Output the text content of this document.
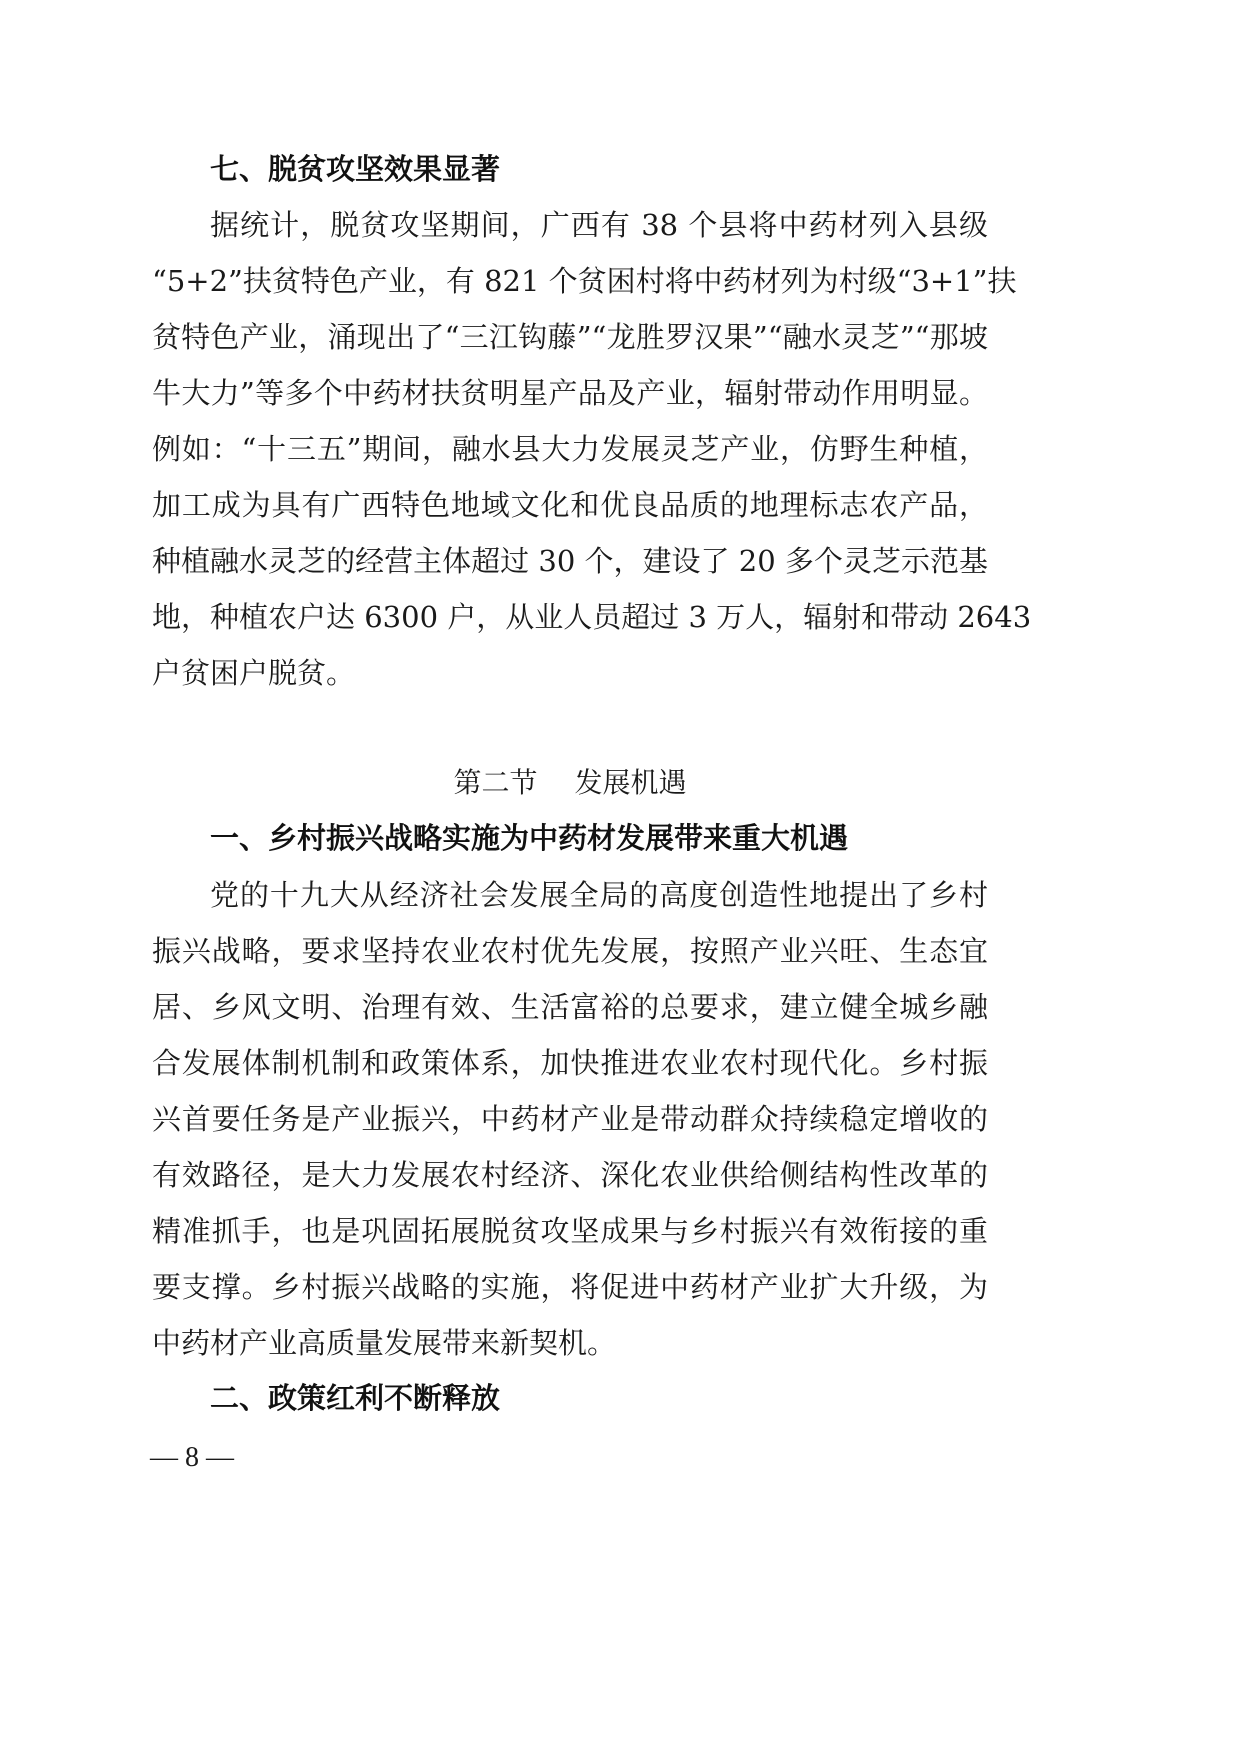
七、脱贫攻坚效果显著
据统计，脱贫攻坚期间，广西有 38 个县将中药材列入县级
“5+2”扶贫特色产业，有 821 个贫困村将中药材列为村级“3+1”扶
贫特色产业，涌现出了“三江钩藤”“龙胜罗汉果”“融水灵芝”“那坡
牛大力”等多个中药材扶贫明星产品及产业，辐射带动作用明显。
例如：“十三五”期间，融水县大力发展灵芝产业，仿野生种植，
加工成为具有广西特色地域文化和优良品质的地理标志农产品，
种植融水灵芝的经营主体超过 30 个，建设了 20 多个灵芝示范基
地，种植农户达 6300 户，从业人员超过 3 万人，辐射和带动 2643
户贫困户脱贫。
第二节　 发展机遇
一、乡村振兴战略实施为中药材发展带来重大机遇
党的十九大从经济社会发展全局的高度创造性地提出了乡村
振兴战略，要求坚持农业农村优先发展，按照产业兴旺、生态宜
居、乡风文明、治理有效、生活富裕的总要求，建立健全城乡融
合发展体制机制和政策体系，加快推进农业农村现代化。乡村振
兴首要任务是产业振兴，中药材产业是带动群众持续稳定增收的
有效路径，是大力发展农村经济、深化农业供给侧结构性改革的
精准抓手，也是巩固拓展脱贫攻坚成果与乡村振兴有效衔接的重
要支撑。乡村振兴战略的实施，将促进中药材产业扩大升级，为
中药材产业高质量发展带来新契机。
二、政策红利不断释放
— 8 —
